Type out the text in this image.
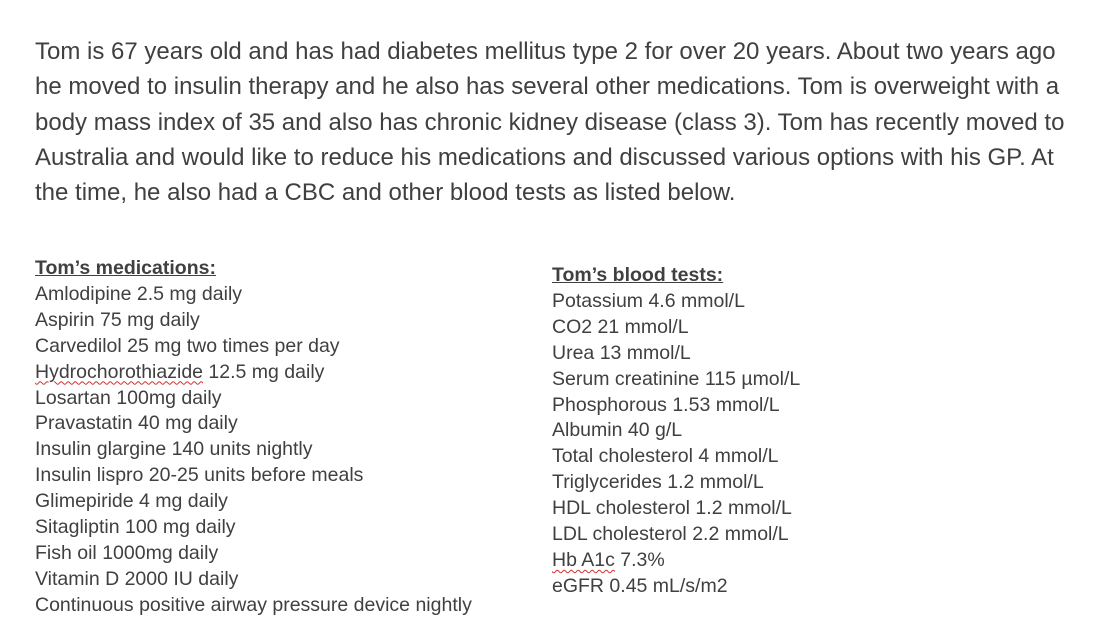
Tom is 67 years old and has had diabetes mellitus type 2 for over 20 years. About two years ago he moved to insulin therapy and he also has several other medications. Tom is overweight with a body mass index of 35 and also has chronic kidney disease (class 3). Tom has recently moved to Australia and would like to reduce his medications and discussed various options with his GP. At the time, he also had a CBC and other blood tests as listed below.

Tom’s medications:
Amlodipine 2.5 mg daily
Aspirin 75 mg daily
Carvedilol 25 mg two times per day
Hydrochorothiazide 12.5 mg daily
Losartan 100mg daily
Pravastatin 40 mg daily
Insulin glargine 140 units nightly
Insulin lispro 20-25 units before meals
Glimepiride 4 mg daily
Sitagliptin 100 mg daily
Fish oil 1000mg daily
Vitamin D 2000 IU daily
Continuous positive airway pressure device nightly
Tom’s blood tests:
Potassium 4.6 mmol/L
CO2 21 mmol/L
Urea 13 mmol/L
Serum creatinine 115 µmol/L
Phosphorous 1.53 mmol/L
Albumin 40 g/L
Total cholesterol 4 mmol/L
Triglycerides 1.2 mmol/L
HDL cholesterol 1.2 mmol/L
LDL cholesterol 2.2 mmol/L
Hb A1c 7.3%
eGFR 0.45 mL/s/m2
